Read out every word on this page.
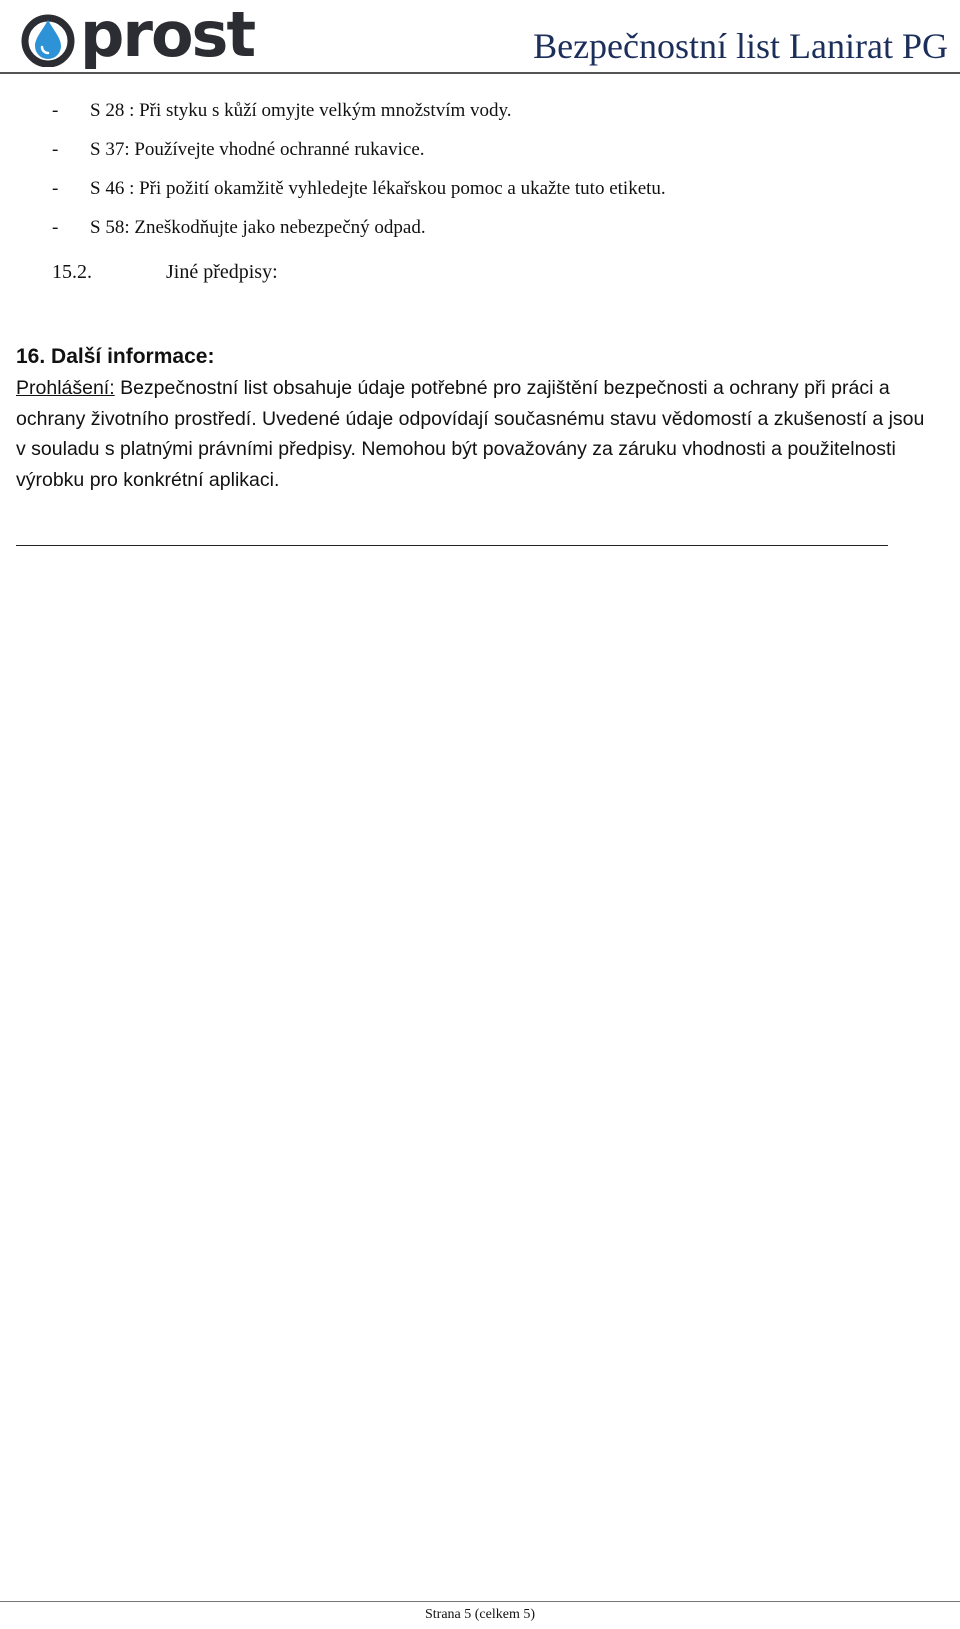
prost	Bezpečnostní list Lanirat PG
-	S 28 : Při styku s kůží omyjte velkým množstvím vody.
-	S 37: Používejte vhodné ochranné rukavice.
-	S 46 : Při požití okamžitě vyhledejte lékařskou pomoc a ukažte tuto etiketu.
-	S 58: Zneškodňujte jako nebezpečný odpad.
15.2.	Jiné předpisy:
16. Další informace:

Prohlášení: Bezpečnostní list obsahuje údaje potřebné pro zajištění bezpečnosti a ochrany při práci a ochrany životního prostředí. Uvedené údaje odpovídají současnému stavu vědomostí a zkušeností a jsou v souladu s platnými právními předpisy. Nemohou být považovány za záruku vhodnosti a použitelnosti výrobku pro konkrétní aplikaci.

Strana 5 (celkem 5)
